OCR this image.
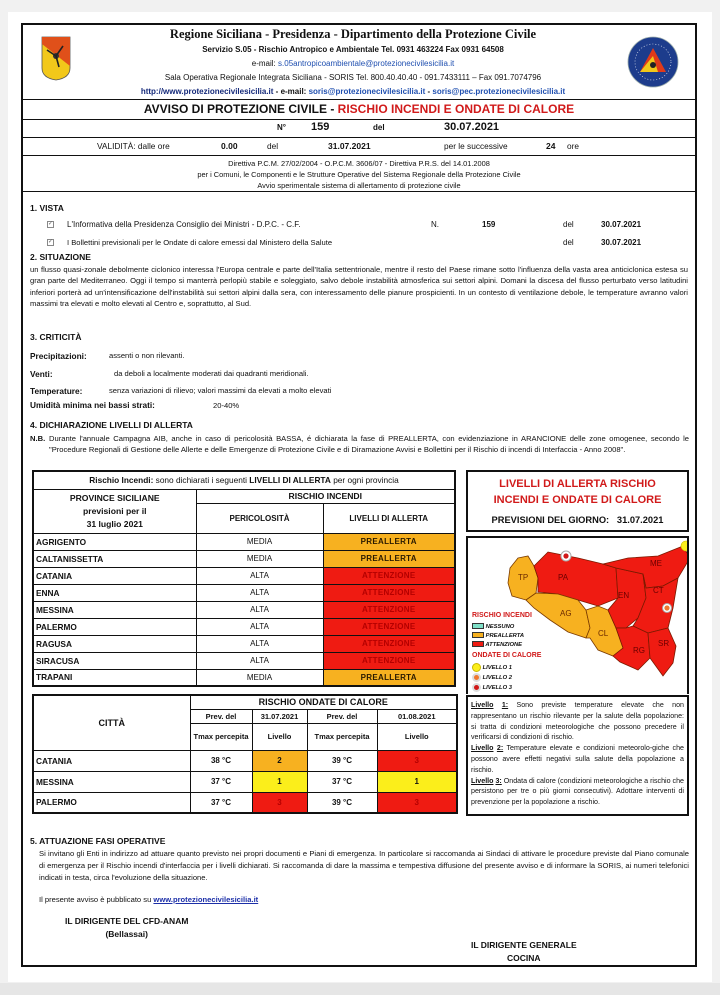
Regione Siciliana - Presidenza - Dipartimento della Protezione Civile
Servizio S.05 - Rischio Antropico e Ambientale Tel. 0931 463224 Fax 0931 64508
e-mail: s.05antropicoambientale@protezionecivilesicilia.it
Sala Operativa Regionale Integrata Siciliana - SORIS Tel. 800.40.40.40 - 091.7433111 – Fax 091.7074796
http://www.protezionecivilesicilia.it - e-mail: soris@protezionecivilesicilia.it - soris@pec.protezionecivilesicilia.it
AVVISO DI PROTEZIONE CIVILE - RISCHIO INCENDI E ONDATE DI CALORE
N° 159	del	30.07.2021
VALIDITÀ: dalle ore	0.00	del	31.07.2021	per le successive	24 ore
Direttiva P.C.M. 27/02/2004 - O.P.C.M. 3606/07 - Direttiva P.R.S. del 14.01.2008
per i Comuni, le Componenti e le Strutture Operative del Sistema Regionale della Protezione Civile
Avvio sperimentale sistema di allertamento di protezione civile
1. VISTA
✓ L'Informativa della Presidenza Consiglio dei Ministri - D.P.C. - C.F.	N.	159	del	30.07.2021
✓ I Bollettini previsionali per le Ondate di calore emessi dal Ministero della Salute	del	30.07.2021
2. SITUAZIONE
un flusso quasi-zonale debolmente ciclonico interessa l'Europa centrale e parte dell'Italia settentrionale, mentre il resto del Paese rimane sotto l'influenza della vasta area anticiclonica estesa su gran parte del Mediterraneo. Oggi il tempo si manterrà perlopiù stabile e soleggiato, salvo debole instabilità atmosferica sui settori alpini. Domani la discesa del flusso perturbato verso latitudini inferiori porterà ad un'intensificazione dell'instabilità sui settori alpini dalla sera, con interessamento delle pianure prospicienti. In un contesto di ventilazione debole, le temperature avranno valori massimi tra elevati e molto elevati al Centro e, soprattutto, al Sud.
3. CRITICITÀ
Precipitazioni:	assenti o non rilevanti.
Venti:	da deboli a localmente moderati dai quadranti meridionali.
Temperature:	senza variazioni di rilievo; valori massimi da elevati a molto elevati
Umidità minima nei bassi strati:	20-40%
4. DICHIARAZIONE LIVELLI DI ALLERTA
N.B. Durante l'annuale Campagna AIB, anche in caso di pericolosità BASSA, é dichiarata la fase di PREALLERTA, con evidenziazione in ARANCIONE delle zone omogenee, secondo le "Procedure Regionali di Gestione delle Allerte e delle Emergenze di Protezione Civile e di Diramazione Avvisi e Bollettini per il Rischio di incendi di Interfaccia - Anno 2008".
Rischio Incendi: sono dichiarati i seguenti LIVELLI DI ALLERTA per ogni provincia		

PROVINCE SICILIANE
previsioni per il
31 luglio 2021	RISCHIO INCENDI	
	PERICOLOSITÀ	LIVELLI DI ALLERTA
AGRIGENTO	MEDIA	PREALLERTA
CALTANISSETTA	MEDIA	PREALLERTA
CATANIA	ALTA	ATTENZIONE
ENNA	ALTA	ATTENZIONE
MESSINA	ALTA	ATTENZIONE
PALERMO	ALTA	ATTENZIONE
RAGUSA	ALTA	ATTENZIONE
SIRACUSA	ALTA	ATTENZIONE
TRAPANI	MEDIA	PREALLERTA
CITTÀ	RISCHIO ONDATE DI CALORE			
	Prev. del	31.07.2021	Prev. del	01.08.2021
	Tmax percepita	Livello	Tmax percepita	Livello
CATANIA	38 °C	2	39 °C	3
MESSINA	37 °C	1	37 °C	1
PALERMO	37 °C	3	39 °C	3
LIVELLI DI ALLERTA RISCHIO
INCENDI E ONDATE DI CALORE
PREVISIONI DEL GIORNO: 31.07.2021
TP	PA
AG
CL
EN
ME
CT
RG
SR
RISCHIO INCENDI
NESSUNO
PREALLERTA
ATTENZIONE
ONDATE DI CALORE
LIVELLO 1
LIVELLO 2
LIVELLO 3

Livello 1: Sono previste temperature elevate che non rappresentano un rischio rilevante per la salute della popolazione: si tratta di condizioni meteorologiche che possono precedere il verificarsi di condizioni di rischio.

Livello 2: Temperature elevate e condizioni meteorolo-giche che possono avere effetti negativi sulla salute della popolazione a rischio.

Livello 3: Ondata di calore (condizioni meteorologiche a rischio che persistono per tre o più giorni consecutivi). Adottare interventi di prevenzione per la popolazione a rischio.

5. ATTUAZIONE FASI OPERATIVE
Si invitano gli Enti in indirizzo ad attuare quanto previsto nei propri documenti e Piani di emergenza. In particolare si raccomanda ai Sindaci di attivare le procedure previste dal Piano comunale di emergenza per il Rischio incendi d'interfaccia per i livelli dichiarati. Si raccomanda di dare la massima e tempestiva diffusione del presente avviso e di informare la SORIS, ai numeri telefonici indicati in testa, circa l'evoluzione della situazione.
Il presente avviso è pubblicato su www.protezionecivilesicilia.it
IL DIRIGENTE DEL CFD-ANAM
(Bellassai)
IL DIRIGENTE GENERALE
COCINA
